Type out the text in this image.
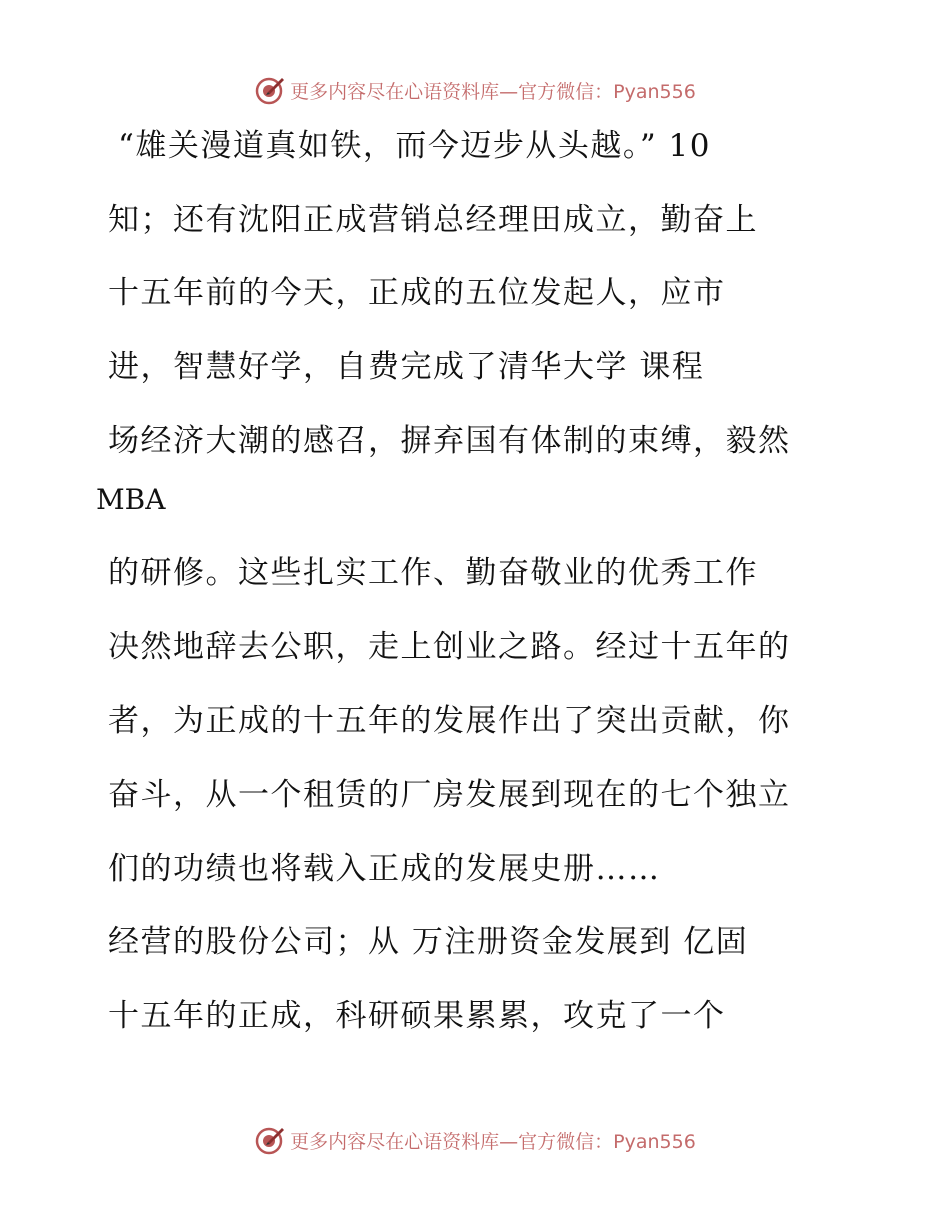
更多内容尽在心语资料库—官方微信：Pyan556
“雄关漫道真如铁，而今迈步从头越。” 10
知；还有沈阳正成营销总经理田成立，勤奋上
十五年前的今天，正成的五位发起人，应市
进，智慧好学，自费完成了清华大学 课程
场经济大潮的感召，摒弃国有体制的束缚，毅然
MBA
的研修。这些扎实工作、勤奋敬业的优秀工作
决然地辞去公职，走上创业之路。经过十五年的
者，为正成的十五年的发展作出了突出贡献，你
奋斗，从一个租赁的厂房发展到现在的七个独立
们的功绩也将载入正成的发展史册……
经营的股份公司；从 万注册资金发展到 亿固
十五年的正成，科研硕果累累，攻克了一个
更多内容尽在心语资料库—官方微信：Pyan556
